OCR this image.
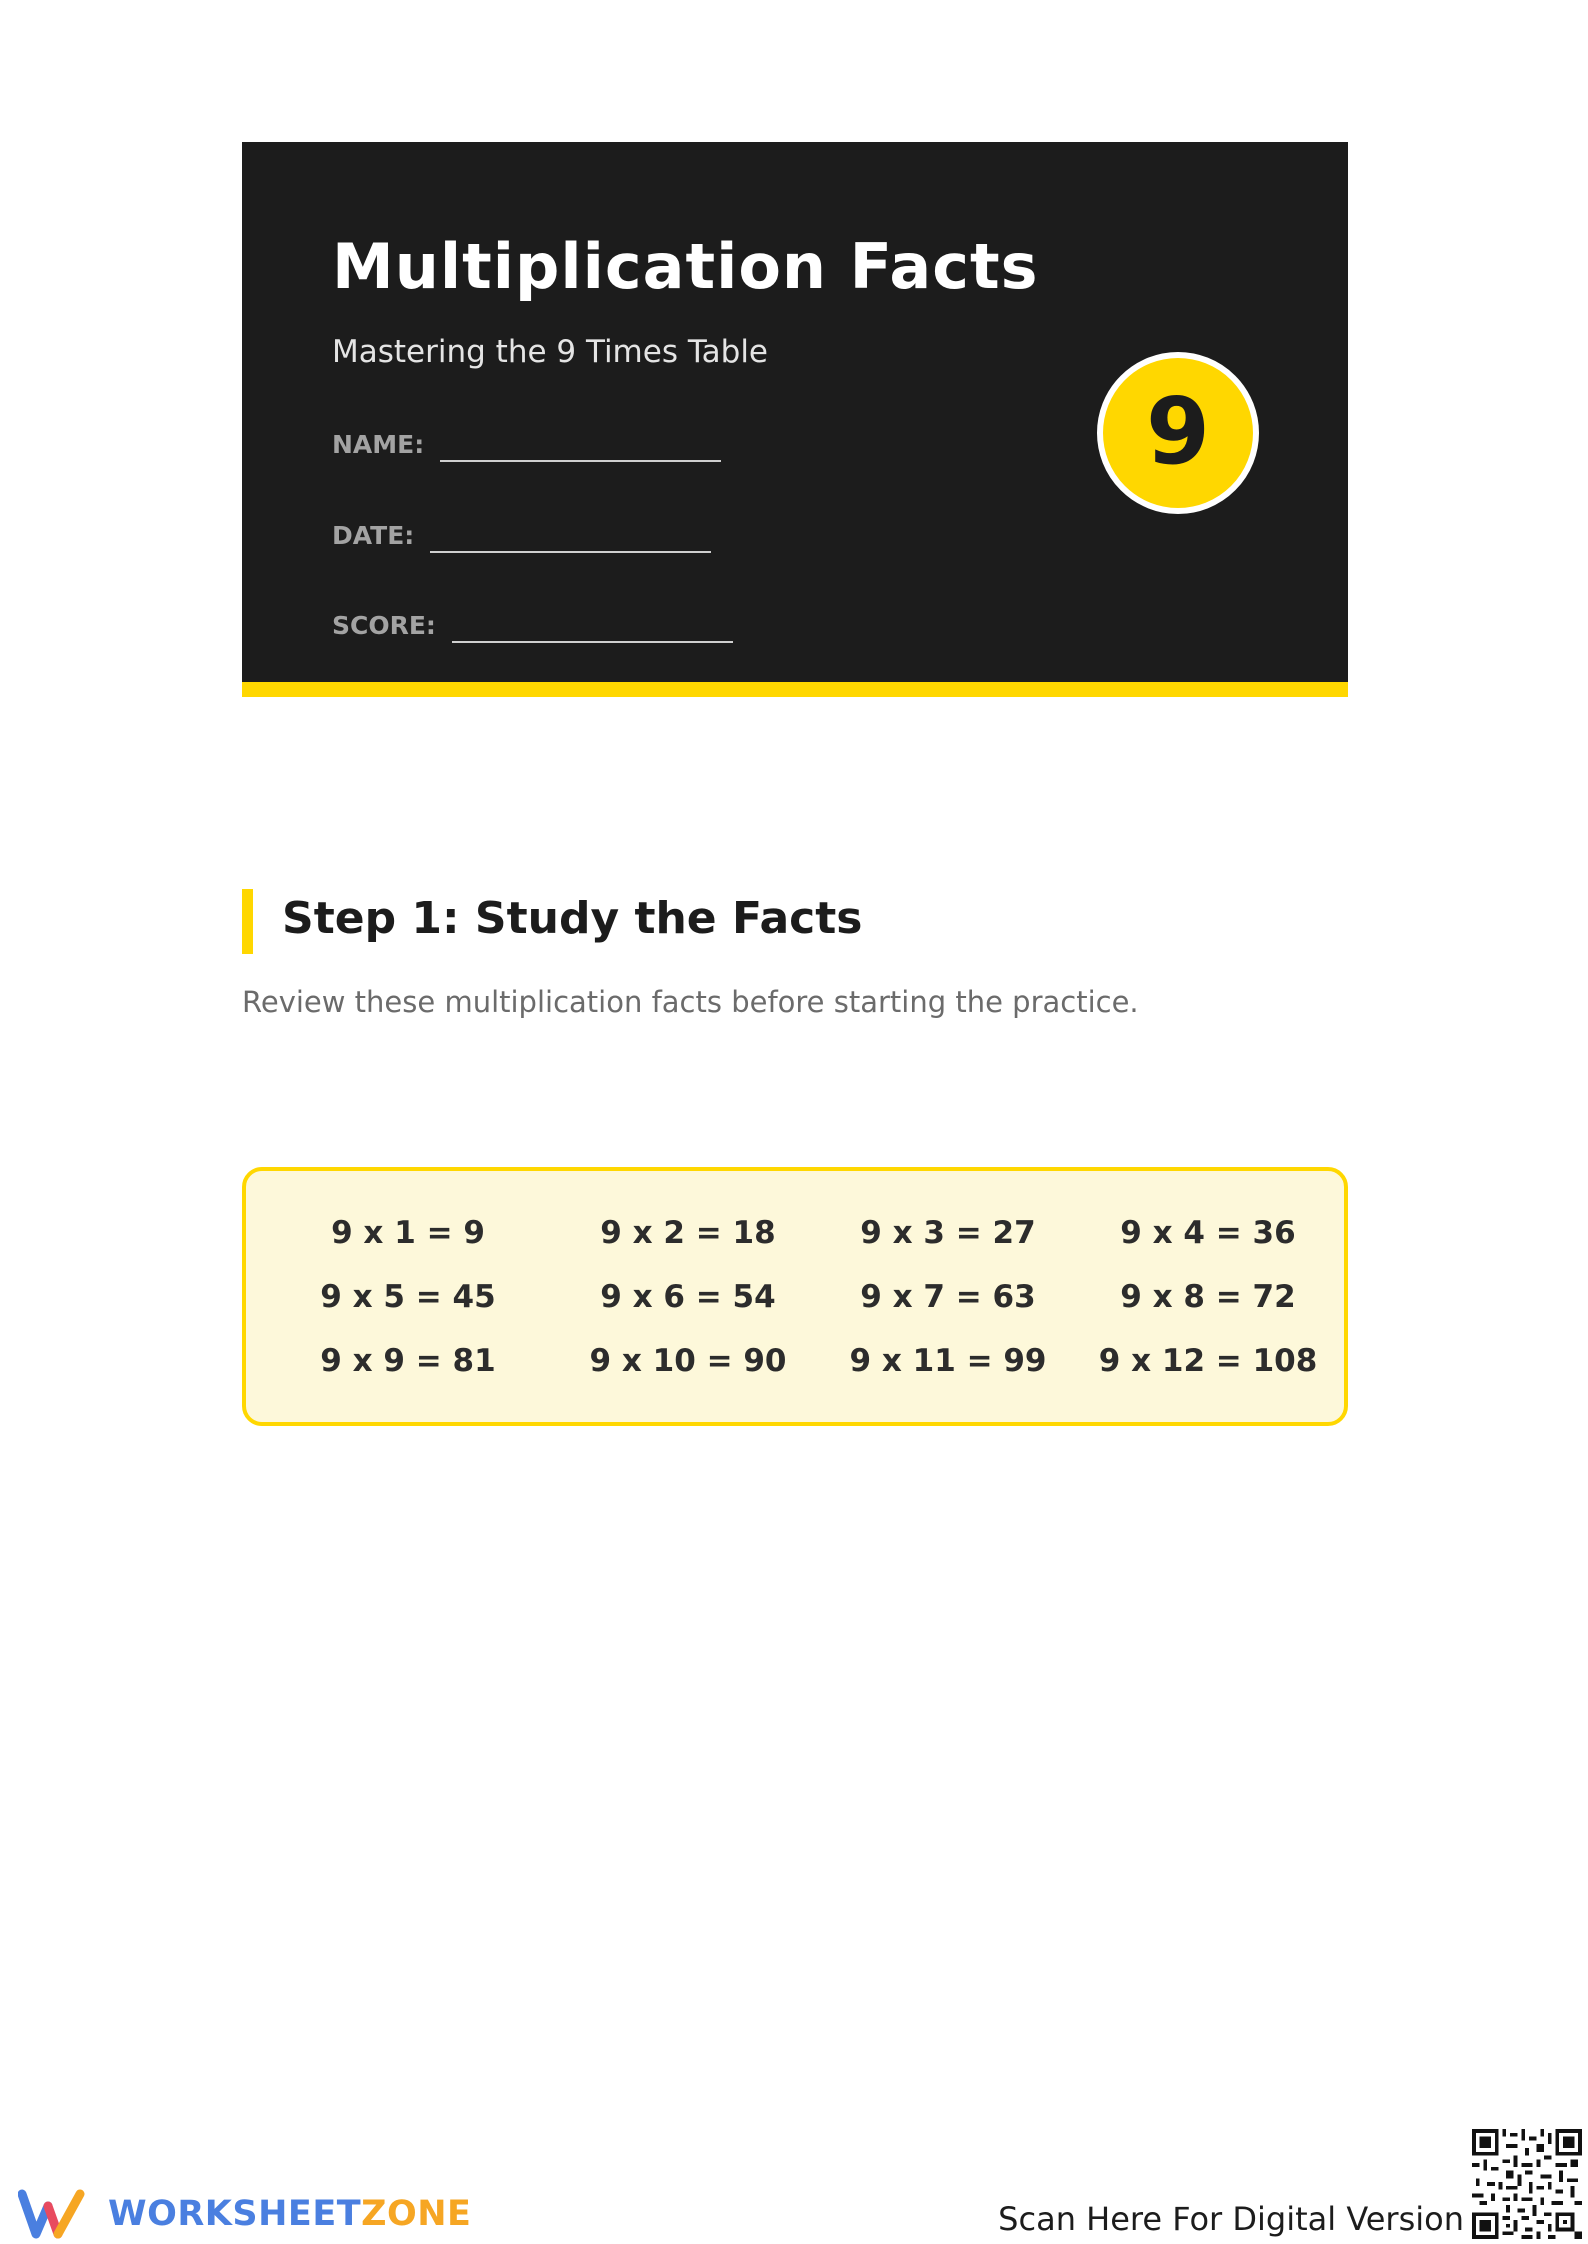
Multiplication Facts
Mastering the 9 Times Table
NAME:
DATE:
SCORE:
9
Step 1: Study the Facts
Review these multiplication facts before starting the practice.
9 x 1 = 9	9 x 2 = 18	9 x 3 = 27	9 x 4 = 36
9 x 5 = 45	9 x 6 = 54	9 x 7 = 63	9 x 8 = 72
9 x 9 = 81	9 x 10 = 90	9 x 11 = 99	9 x 12 = 108
WORKSHEETZONE	Scan Here For Digital Version
